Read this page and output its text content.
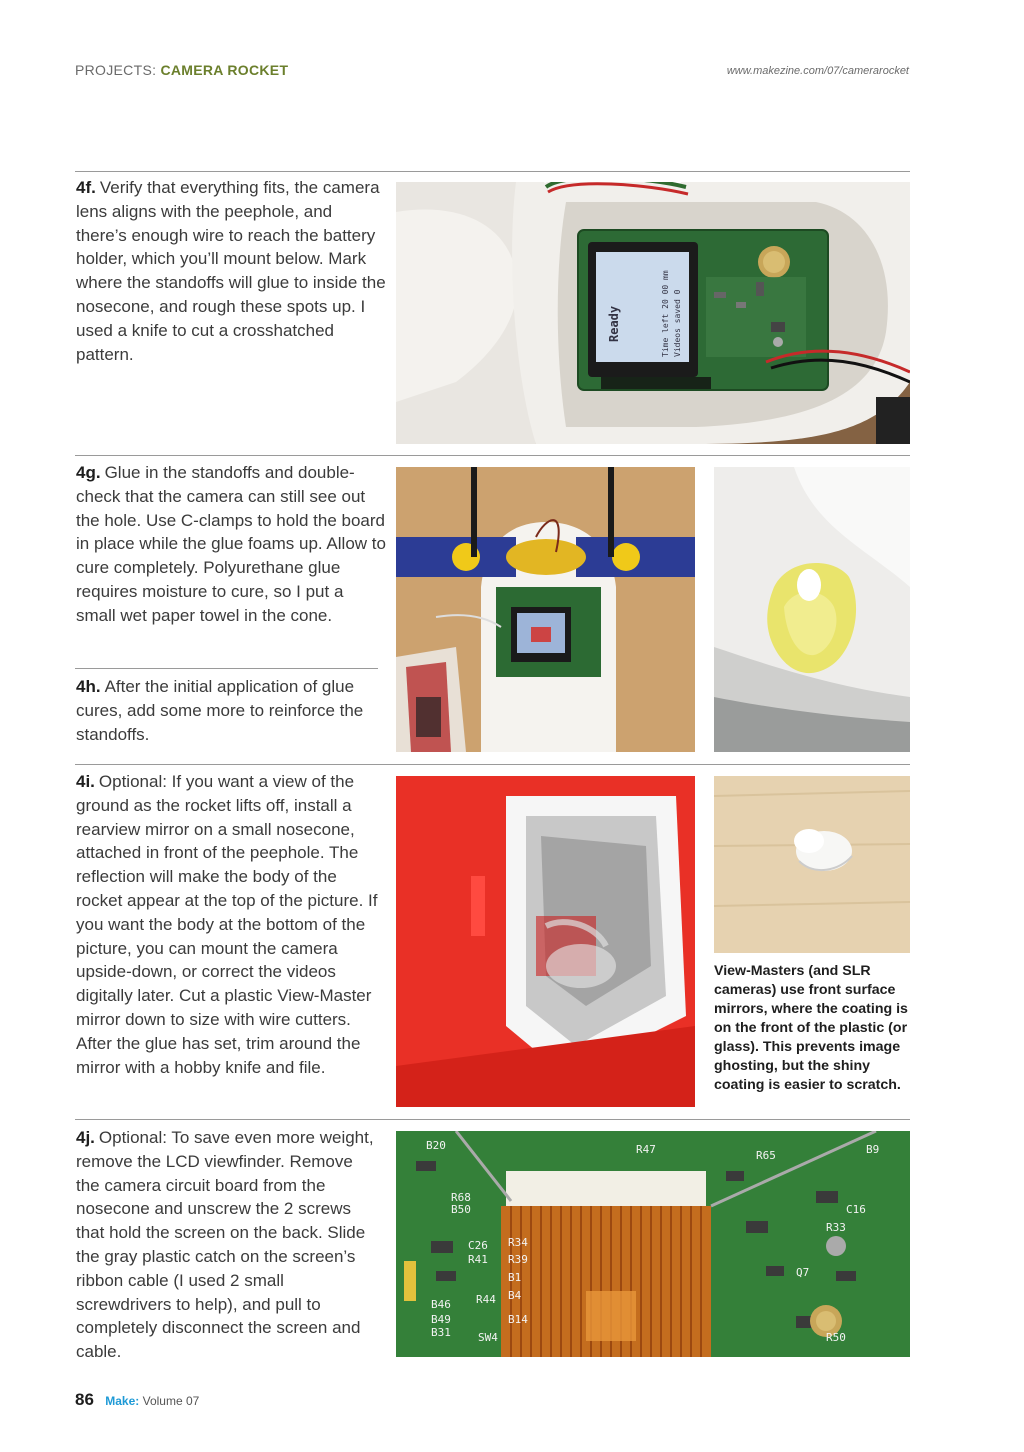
PROJECTS: CAMERA ROCKET	www.makezine.com/07/camerarocket
4f. Verify that everything fits, the camera lens aligns with the peephole, and there’s enough wire to reach the battery holder, which you’ll mount below. Mark where the standoffs will glue to inside the nosecone, and rough these spots up. I used a knife to cut a crosshatched pattern.
4g. Glue in the standoffs and double-check that the camera can still see out the hole. Use C-clamps to hold the board in place while the glue foams up. Allow to cure completely. Polyurethane glue requires moisture to cure, so I put a small wet paper towel in the cone.
4h. After the initial application of glue cures, add some more to reinforce the standoffs.
4i. Optional: If you want a view of the ground as the rocket lifts off, install a rearview mirror on a small nosecone, attached in front of the peephole. The reflection will make the body of the rocket appear at the top of the picture. If you want the body at the bottom of the picture, you can mount the camera upside-down, or correct the videos digitally later. Cut a plastic View-Master mirror down to size with wire cutters. After the glue has set, trim around the mirror with a hobby knife and file.
4j. Optional: To save even more weight, remove the LCD viewfinder. Remove the camera circuit board from the nosecone and unscrew the 2 screws that hold the screen on the back. Slide the gray plastic catch on the screen’s ribbon cable (I used 2 small screwdrivers to help), and pull to completely disconnect the screen and cable.
Ready	Time left 20 00 mm Videos saved 0
View-Masters (and SLR cameras) use front surface mirrors, where the coating is on the front of the plastic (or glass). This prevents image ghosting, but the shiny coating is easier to scratch.
B20	R47	R65	B9
R68
B50	C16
R33
C26
R41
R34
R39
B1	Q7
R44 B4
B46
B49
B31
B14
SW4	R50
86 Make: Volume 07
